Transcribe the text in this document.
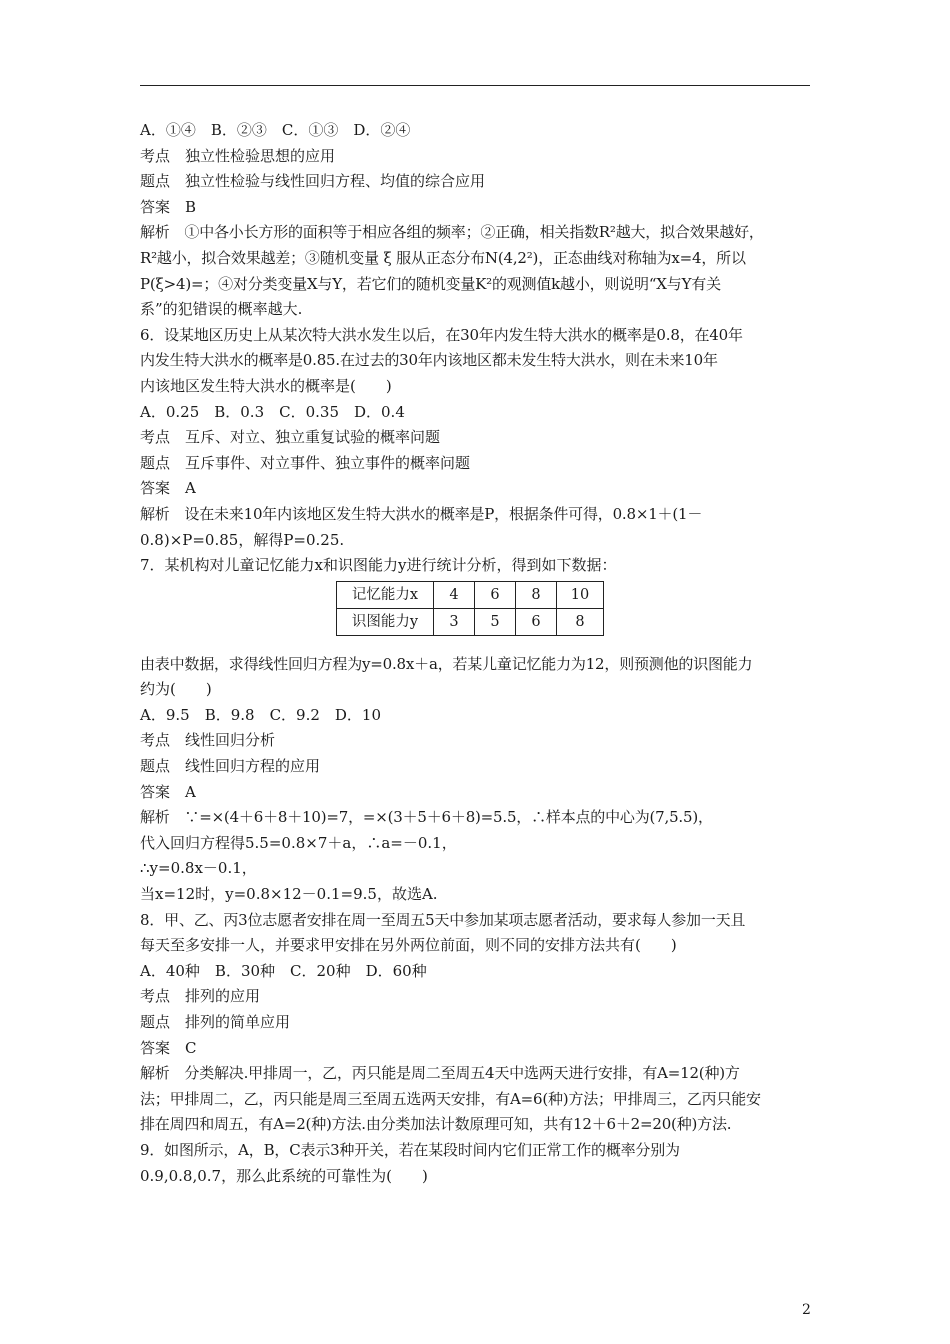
A．①④　B．②③　C．①③　D．②④
考点　独立性检验思想的应用
题点　独立性检验与线性回归方程、均值的综合应用
答案　B
解析　①中各小长方形的面积等于相应各组的频率；②正确，相关指数R²越大，拟合效果越好，
R²越小，拟合效果越差；③随机变量 ξ 服从正态分布N(4,2²)，正态曲线对称轴为x=4，所以
P(ξ>4)=；④对分类变量X与Y，若它们的随机变量K²的观测值k越小，则说明“X与Y有关
系”的犯错误的概率越大.
6．设某地区历史上从某次特大洪水发生以后，在30年内发生特大洪水的概率是0.8，在40年
内发生特大洪水的概率是0.85.在过去的30年内该地区都未发生特大洪水，则在未来10年
内该地区发生特大洪水的概率是(　　)
A．0.25　B．0.3　C．0.35　D．0.4
考点　互斥、对立、独立重复试验的概率问题
题点　互斥事件、对立事件、独立事件的概率问题
答案　A
解析　设在未来10年内该地区发生特大洪水的概率是P，根据条件可得，0.8×1＋(1－
0.8)×P=0.85，解得P=0.25.
7．某机构对儿童记忆能力x和识图能力y进行统计分析，得到如下数据：
记忆能力x	4	6	8	10
识图能力y	3	5	6	8
由表中数据，求得线性回归方程为y=0.8x＋a，若某儿童记忆能力为12，则预测他的识图能力
约为(　　)
A．9.5　B．9.8　C．9.2　D．10
考点　线性回归分析
题点　线性回归方程的应用
答案　A
解析　∵=×(4＋6＋8＋10)=7，=×(3＋5＋6＋8)=5.5，∴样本点的中心为(7,5.5)，
代入回归方程得5.5=0.8×7＋a，∴a=－0.1，
∴y=0.8x－0.1，
当x=12时，y=0.8×12－0.1=9.5，故选A.
8．甲、乙、丙3位志愿者安排在周一至周五5天中参加某项志愿者活动，要求每人参加一天且
每天至多安排一人，并要求甲安排在另外两位前面，则不同的安排方法共有(　　)
A．40种　B．30种　C．20种　D．60种
考点　排列的应用
题点　排列的简单应用
答案　C
解析　分类解决.甲排周一，乙，丙只能是周二至周五4天中选两天进行安排，有A=12(种)方
法；甲排周二，乙，丙只能是周三至周五选两天安排，有A=6(种)方法；甲排周三，乙丙只能安
排在周四和周五，有A=2(种)方法.由分类加法计数原理可知，共有12＋6＋2=20(种)方法.
9．如图所示，A，B，C表示3种开关，若在某段时间内它们正常工作的概率分别为
0.9,0.8,0.7，那么此系统的可靠性为(　　)
2
